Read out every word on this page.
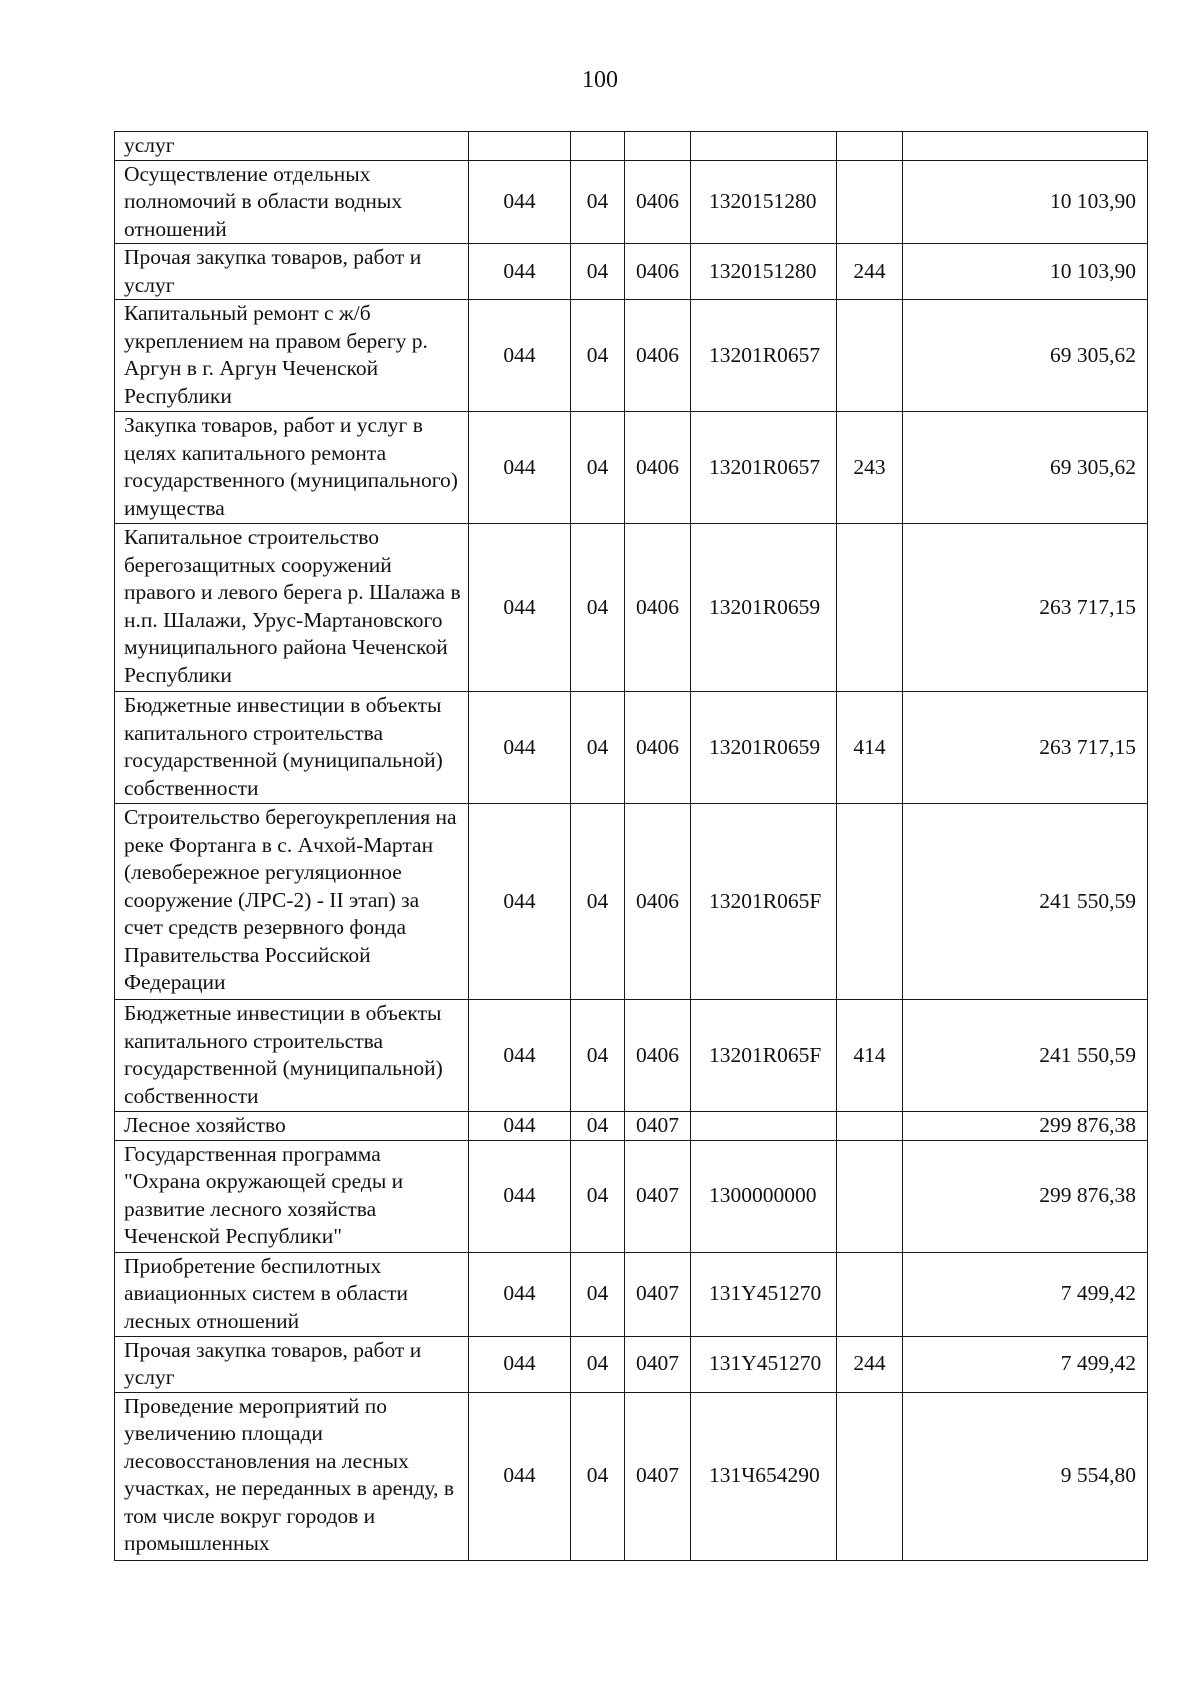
100
услуг						
Осуществление отдельных полномочий в области водных отношений	044	04	0406	1320151280		10 103,90
Прочая закупка товаров, работ и услуг	044	04	0406	1320151280	244	10 103,90
Капитальный ремонт с ж/б укреплением на правом берегу р. Аргун в г. Аргун Чеченской Республики	044	04	0406	13201R0657		69 305,62
Закупка товаров, работ и услуг в целях капитального ремонта государственного (муниципального) имущества	044	04	0406	13201R0657	243	69 305,62
Капитальное строительство берегозащитных сооружений правого и левого берега р. Шалажа в н.п. Шалажи, Урус-Мартановского муниципального района Чеченской Республики	044	04	0406	13201R0659		263 717,15
Бюджетные инвестиции в объекты капитального строительства государственной (муниципальной) собственности	044	04	0406	13201R0659	414	263 717,15
Строительство берегоукрепления на реке Фортанга в с. Ачхой-Мартан (левобережное регуляционное сооружение (ЛРС-2) - II этап) за счет средств резервного фонда Правительства Российской Федерации	044	04	0406	13201R065F		241 550,59
Бюджетные инвестиции в объекты капитального строительства государственной (муниципальной) собственности	044	04	0406	13201R065F	414	241 550,59
Лесное хозяйство	044	04	0407			299 876,38
Государственная программа "Охрана окружающей среды и развитие лесного хозяйства Чеченской Республики"	044	04	0407	1300000000		299 876,38
Приобретение беспилотных авиационных систем в области лесных отношений	044	04	0407	131Y451270		7 499,42
Прочая закупка товаров, работ и услуг	044	04	0407	131Y451270	244	7 499,42
Проведение мероприятий по увеличению площади лесовосстановления на лесных участках, не переданных в аренду, в том числе вокруг городов и промышленных	044	04	0407	131Ч654290		9 554,80
